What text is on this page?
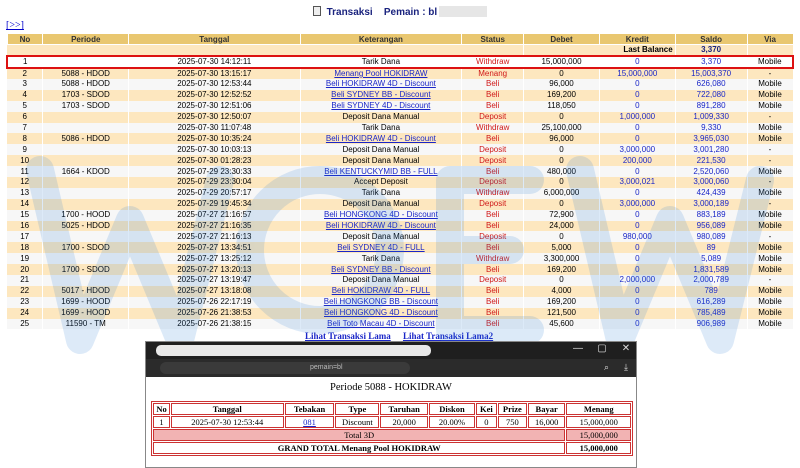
Transaksi Pemain : bl
[>>]
No	Periode	Tanggal	Keterangan	Status	Debet	Kredit	Saldo	Via
					Last Balance		3,370	
1		2025-07-30 14:12:11	Tarik Dana	Withdraw	15,000,000	0	3,370	Mobile
2	5088 - HDOD	2025-07-30 13:15:17	Menang Pool HOKIDRAW	Menang	0	15,000,000	15,003,370	-
3	5088 - HDOD	2025-07-30 12:53:44	Beli HOKIDRAW 4D - Discount	Beli	96,000	0	626,080	Mobile
4	1703 - SDOD	2025-07-30 12:52:52	Beli SYDNEY BB - Discount	Beli	169,200	0	722,080	Mobile
5	1703 - SDOD	2025-07-30 12:51:06	Beli SYDNEY 4D - Discount	Beli	118,050	0	891,280	Mobile
6		2025-07-30 12:50:07	Deposit Dana Manual	Deposit	0	1,000,000	1,009,330	-
7		2025-07-30 11:07:48	Tarik Dana	Withdraw	25,100,000	0	9,330	Mobile
8	5086 - HDOD	2025-07-30 10:35:24	Beli HOKIDRAW 4D - Discount	Beli	96,000	0	3,965,030	Mobile
9		2025-07-30 10:03:13	Deposit Dana Manual	Deposit	0	3,000,000	3,001,280	-
10		2025-07-30 01:28:23	Deposit Dana Manual	Deposit	0	200,000	221,530	-
11	1664 - KDOD	2025-07-29 23:30:33	Beli KENTUCKYMID BB - FULL	Beli	480,000	0	2,520,060	Mobile
12		2025-07-29 23:30:04	Accept Deposit	Deposit	0	3,000,021	3,000,060	-
13		2025-07-29 20:57:17	Tarik Dana	Withdraw	6,000,000	0	424,439	Mobile
14		2025-07-29 19:45:34	Deposit Dana Manual	Deposit	0	3,000,000	3,000,189	-
15	1700 - HOOD	2025-07-27 21:16:57	Beli HONGKONG 4D - Discount	Beli	72,900	0	883,189	Mobile
16	5025 - HDOD	2025-07-27 21:16:35	Beli HOKIDRAW 4D - Discount	Beli	24,000	0	956,089	Mobile
17		2025-07-27 21:16:13	Deposit Dana Manual	Deposit	0	980,000	980,089	-
18	1700 - SDOD	2025-07-27 13:34:51	Beli SYDNEY 4D - FULL	Beli	5,000	0	89	Mobile
19		2025-07-27 13:25:12	Tarik Dana	Withdraw	3,300,000	0	5,089	Mobile
20	1700 - SDOD	2025-07-27 13:20:13	Beli SYDNEY BB - Discount	Beli	169,200	0	1,831,589	Mobile
21		2025-07-27 13:19:47	Deposit Dana Manual	Deposit	0	2,000,000	2,000,789	-
22	5017 - HDOD	2025-07-27 13:18:08	Beli HOKIDRAW 4D - FULL	Beli	4,000	0	789	Mobile
23	1699 - HOOD	2025-07-26 22:17:19	Beli HONGKONG BB - Discount	Beli	169,200	0	616,289	Mobile
24	1699 - HOOD	2025-07-26 21:38:53	Beli HONGKONG 4D - Discount	Beli	121,500	0	785,489	Mobile
25	11590 - TM	2025-07-26 21:38:15	Beli Toto Macau 4D - Discount	Beli	45,600	0	906,989	Mobile
Lihat Transaksi Lama Lihat Transaksi Lama2
—	▢	✕
pemain=bl	⌕ ⤓
Periode 5088 - HOKIDRAW
No	Tanggal	Tebakan	Type	Taruhan	Diskon	Kei	Prize	Bayar	Menang
1	2025-07-30 12:53:44	081	Discount	20,000	20.00%	0	750	16,000	15,000,000
Total 3D									15,000,000
GRAND TOTAL Menang Pool HOKIDRAW									15,000,000
